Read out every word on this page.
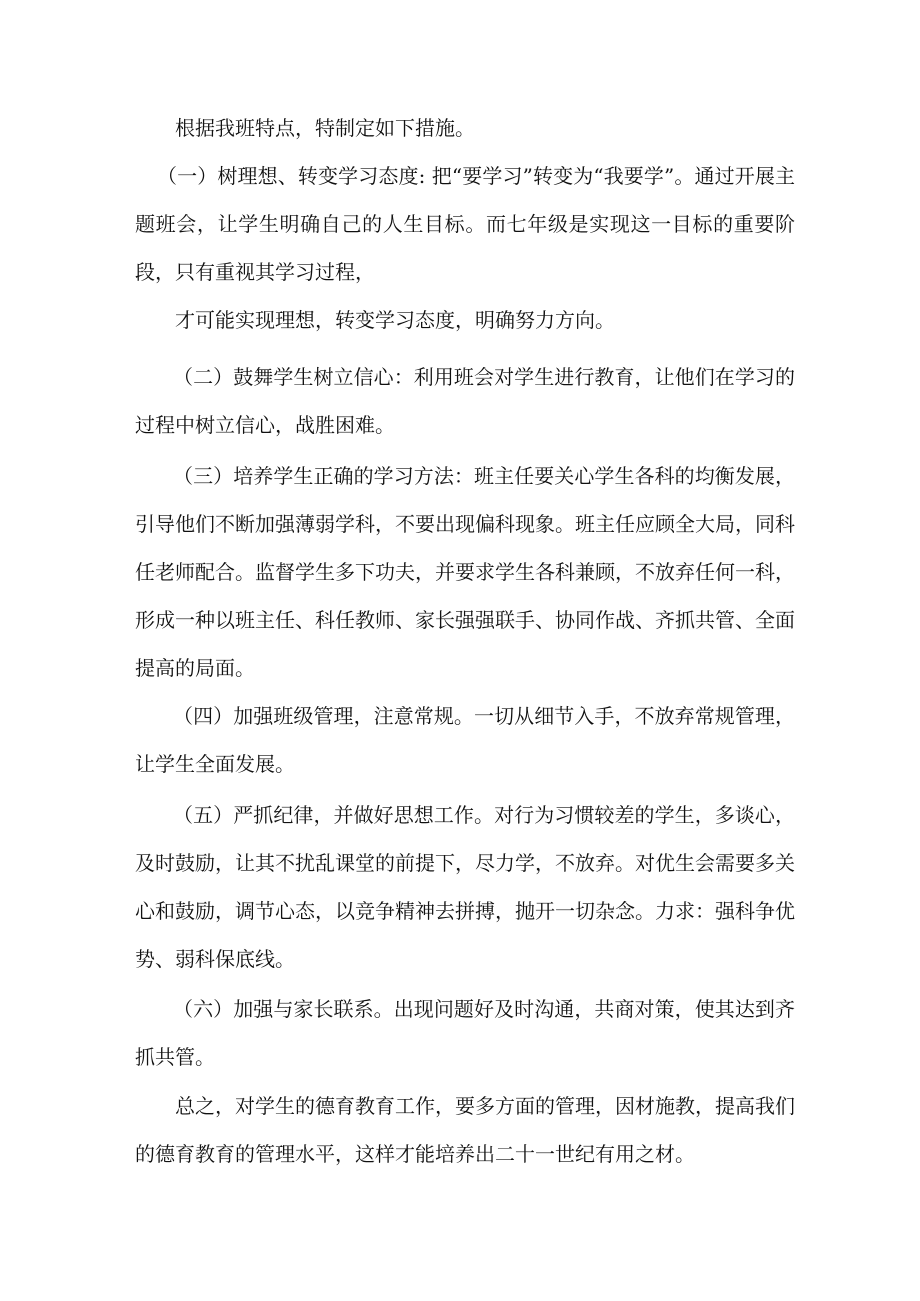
根据我班特点，特制定如下措施。

（一）树理想、转变学习态度: 把“要学习”转变为“我要学”。通过开展主题班会，让学生明确自己的人生目标。而七年级是实现这一目标的重要阶段，只有重视其学习过程，

才可能实现理想，转变学习态度，明确努力方向。

（二）鼓舞学生树立信心：利用班会对学生进行教育，让他们在学习的过程中树立信心，战胜困难。

（三）培养学生正确的学习方法：班主任要关心学生各科的均衡发展，引导他们不断加强薄弱学科，不要出现偏科现象。班主任应顾全大局，同科任老师配合。监督学生多下功夫，并要求学生各科兼顾，不放弃任何一科，形成一种以班主任、科任教师、家长强强联手、协同作战、齐抓共管、全面提高的局面。

（四）加强班级管理，注意常规。一切从细节入手，不放弃常规管理，让学生全面发展。

（五）严抓纪律，并做好思想工作。对行为习惯较差的学生，多谈心，及时鼓励，让其不扰乱课堂的前提下，尽力学，不放弃。对优生会需要多关心和鼓励，调节心态，以竞争精神去拼搏，抛开一切杂念。力求：强科争优势、弱科保底线。

（六）加强与家长联系。出现问题好及时沟通，共商对策，使其达到齐抓共管。

总之，对学生的德育教育工作，要多方面的管理，因材施教，提高我们的德育教育的管理水平，这样才能培养出二十一世纪有用之材。
